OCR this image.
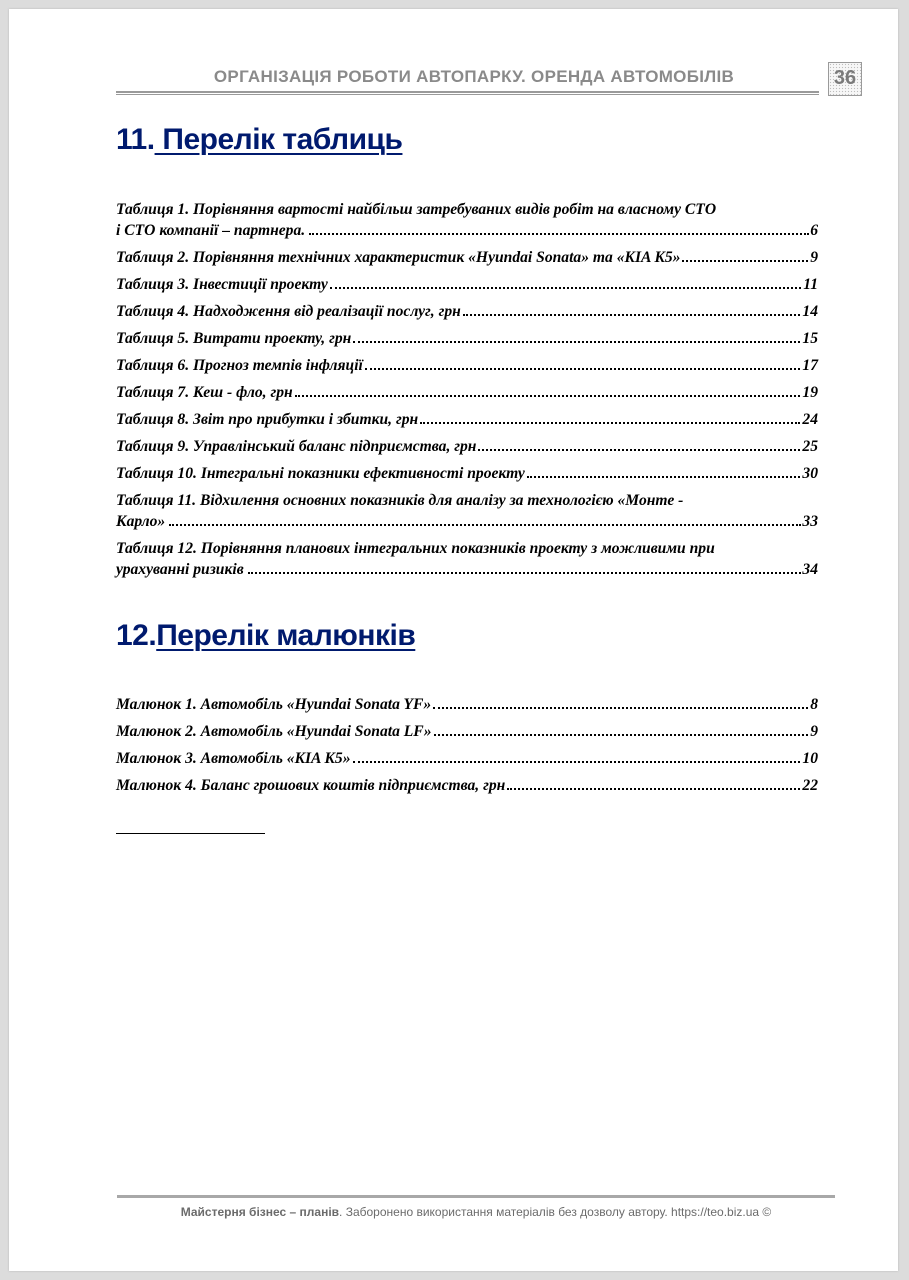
ОРГАНІЗАЦІЯ РОБОТИ АВТОПАРКУ. ОРЕНДА АВТОМОБІЛІВ	36
11. Перелік таблиць
Таблиця 1. Порівняння вартості найбільш затребуваних видів робіт на власному СТО
і СТО компанії – партнера.	6
Таблиця 2. Порівняння технічних характеристик «Hyundai Sonata» та «KIA K5»	9
Таблиця 3. Інвестиції проекту	11
Таблиця 4. Надходження від реалізації послуг, грн	14
Таблиця 5. Витрати проекту, грн	15
Таблиця 6. Прогноз темпів інфляції	17
Таблиця 7. Кеш - фло, грн	19
Таблиця 8. Звіт про прибутки і збитки, грн	24
Таблиця 9. Управлінський баланс підприємства, грн	25
Таблиця 10. Інтегральні показники ефективності проекту	30
Таблиця 11. Відхилення основних показників для аналізу за технологією «Монте -
Карло»	33
Таблиця 12. Порівняння планових інтегральних показників проекту з можливими при
урахуванні ризиків	34
12.Перелік малюнків
Малюнок 1. Автомобіль «Hyundai Sonata YF»	8
Малюнок 2. Автомобіль «Hyundai Sonata LF»	9
Малюнок 3. Автомобіль «KIA K5»	10
Малюнок 4. Баланс грошових коштів підприємства, грн	22
Майстерня бізнес – планів. Заборонено використання матеріалів без дозволу автору. https://teo.biz.ua ©
